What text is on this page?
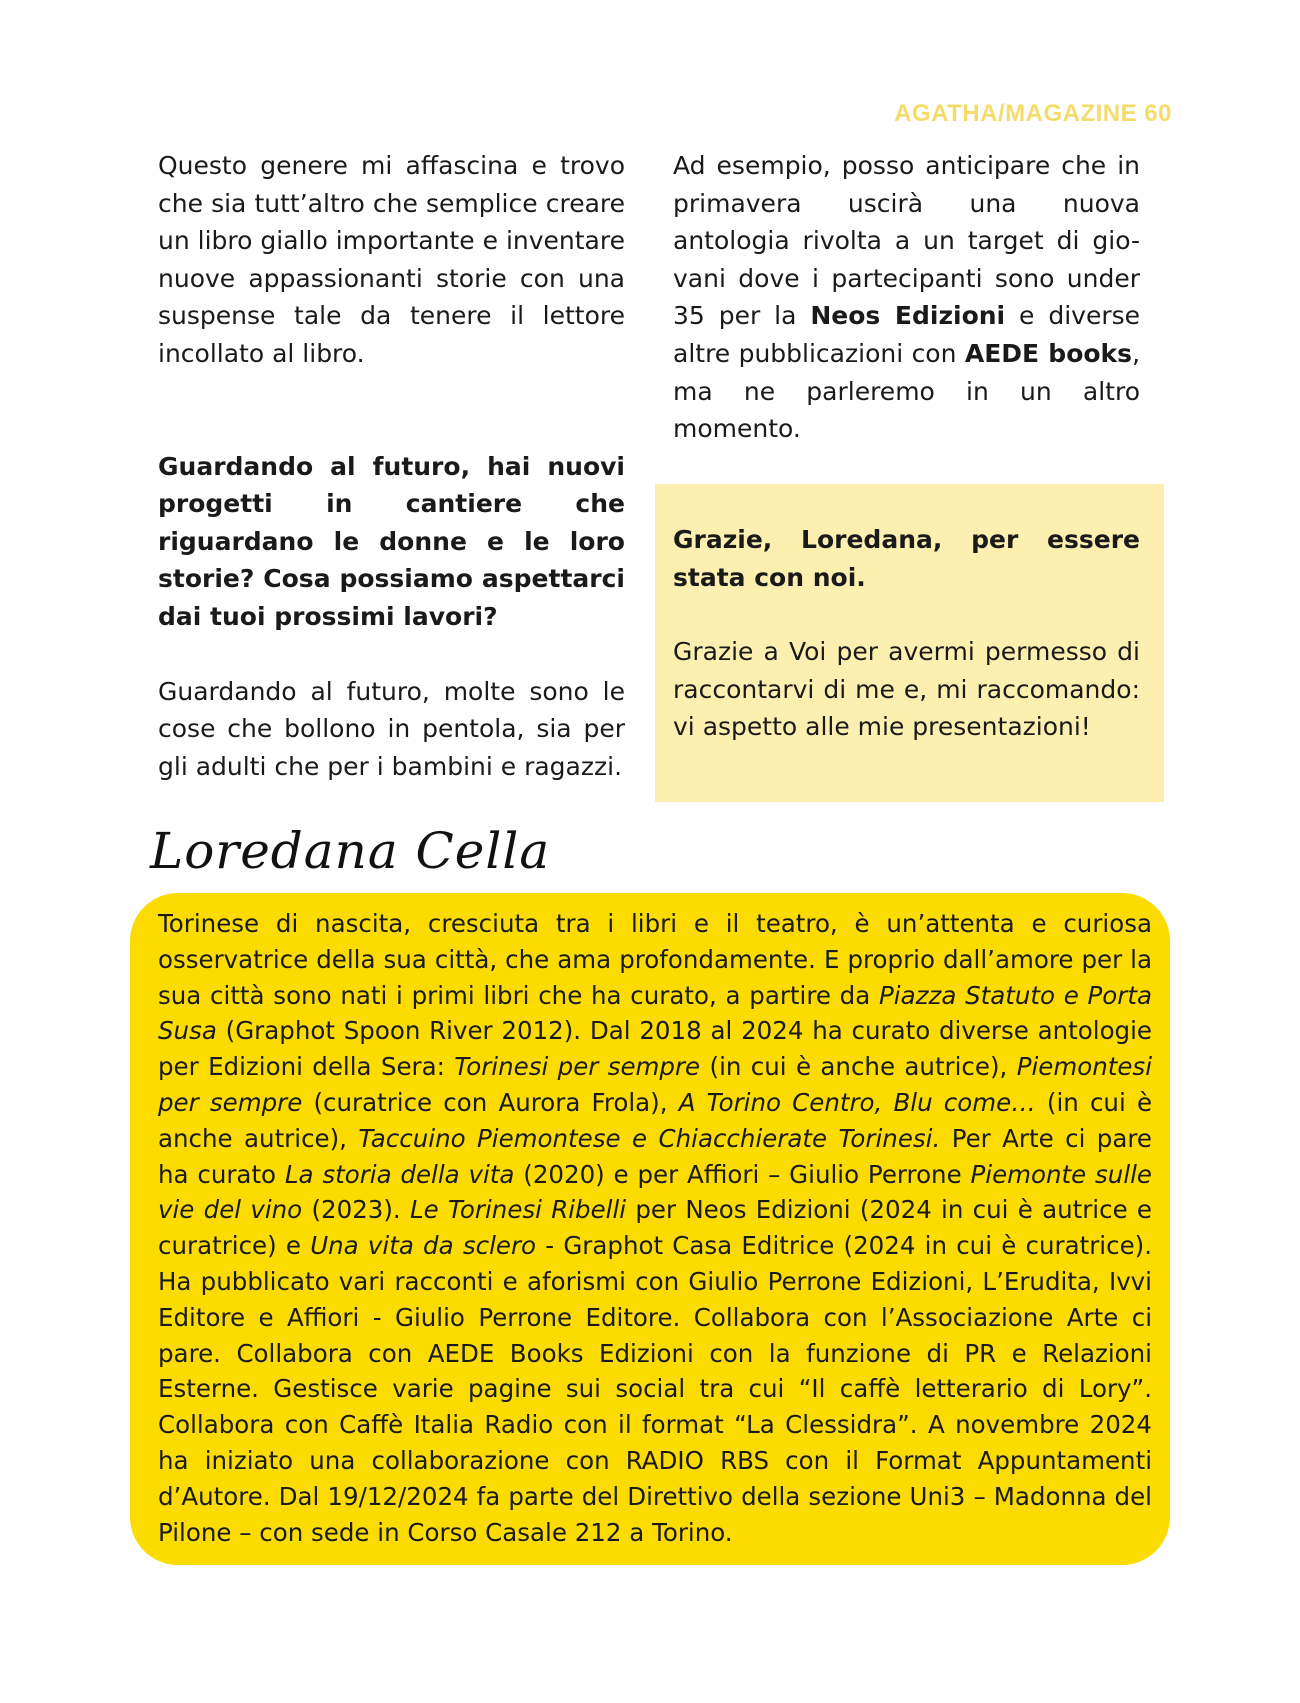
AGATHA/MAGAZINE 60

Questo genere mi affascina e trovo che sia tutt’altro che semplice creare un libro giallo importante e inventare nuove appassionanti storie con una suspense tale da tenere il lettore incollato al libro.

Guardando al futuro, hai nuovi progetti in cantiere che riguardano le donne e le loro storie? Cosa possiamo aspettarci dai tuoi prossimi lavori?

Guardando al futuro, molte sono le cose che bollono in pentola, sia per gli adulti che per i bambini e ragazzi.

Ad esempio, posso anticipare che in primavera uscirà una nuova antologia rivolta a un target di gio-vani dove i partecipanti sono under 35 per la Neos Edizioni e diverse altre pubblicazioni con AEDE books, ma ne parleremo in un altro momento.

Grazie, Loredana, per essere stata con noi.

Grazie a Voi per avermi permesso di raccontarvi di me e, mi raccomando: vi aspetto alle mie presentazioni!

Loredana Cella

Torinese di nascita, cresciuta tra i libri e il teatro, è un’attenta e curiosa osservatrice della sua città, che ama profondamente. E proprio dall’amore per la sua città sono nati i primi libri che ha curato, a partire da Piazza Statuto e Porta Susa (Graphot Spoon River 2012). Dal 2018 al 2024 ha curato diverse antologie per Edizioni della Sera: Torinesi per sempre (in cui è anche autrice), Piemontesi per sempre (curatrice con Aurora Frola), A Torino Centro, Blu come… (in cui è anche autrice), Taccuino Piemontese e Chiacchierate Torinesi. Per Arte ci pare ha curato La storia della vita (2020) e per Affiori – Giulio Perrone Piemonte sulle vie del vino (2023). Le Torinesi Ribelli per Neos Edizioni (2024 in cui è autrice e curatrice) e Una vita da sclero - Graphot Casa Editrice (2024 in cui è curatrice). Ha pubblicato vari racconti e aforismi con Giulio Perrone Edizioni, L’Erudita, Ivvi Editore e Affiori - Giulio Perrone Editore. Collabora con l’Associazione Arte ci pare. Collabora con AEDE Books Edizioni con la funzione di PR e Relazioni Esterne. Gestisce varie pagine sui social tra cui “Il caffè letterario di Lory”. Collabora con Caffè Italia Radio con il format “La Clessidra”. A novembre 2024 ha iniziato una collaborazione con RADIO RBS con il Format Appuntamenti d’Autore. Dal 19/12/2024 fa parte del Direttivo della sezione Uni3 – Madonna del Pilone – con sede in Corso Casale 212 a Torino.
